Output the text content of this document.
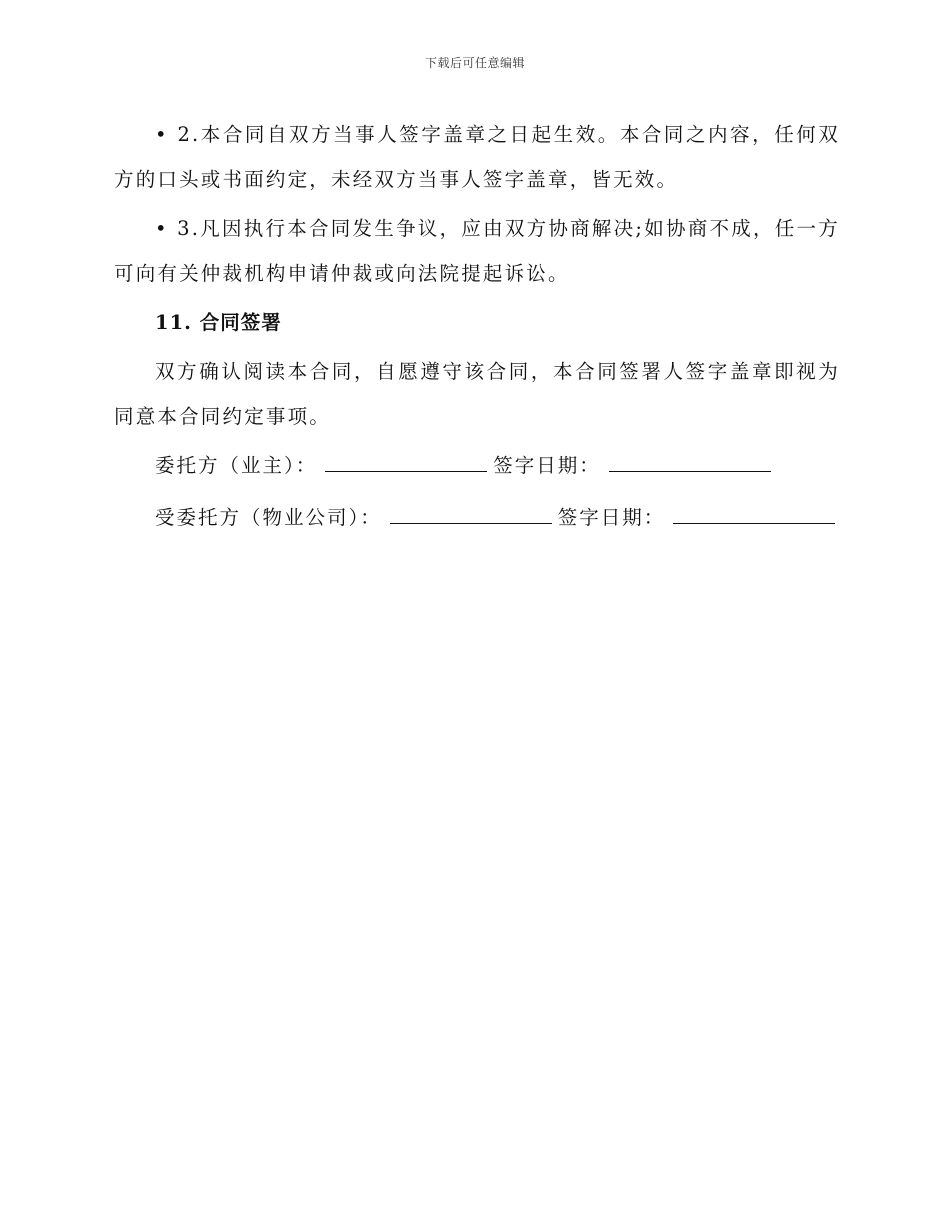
下载后可任意编辑

• 2.本合同自双方当事人签字盖章之日起生效。本合同之内容，任何双方的口头或书面约定，未经双方当事人签字盖章，皆无效。

• 3.凡因执行本合同发生争议，应由双方协商解决;如协商不成，任一方可向有关仲裁机构申请仲裁或向法院提起诉讼。

11. 合同签署

双方确认阅读本合同，自愿遵守该合同，本合同签署人签字盖章即视为同意本合同约定事项。

委托方（业主）：	签字日期：
受委托方（物业公司）：	签字日期：
